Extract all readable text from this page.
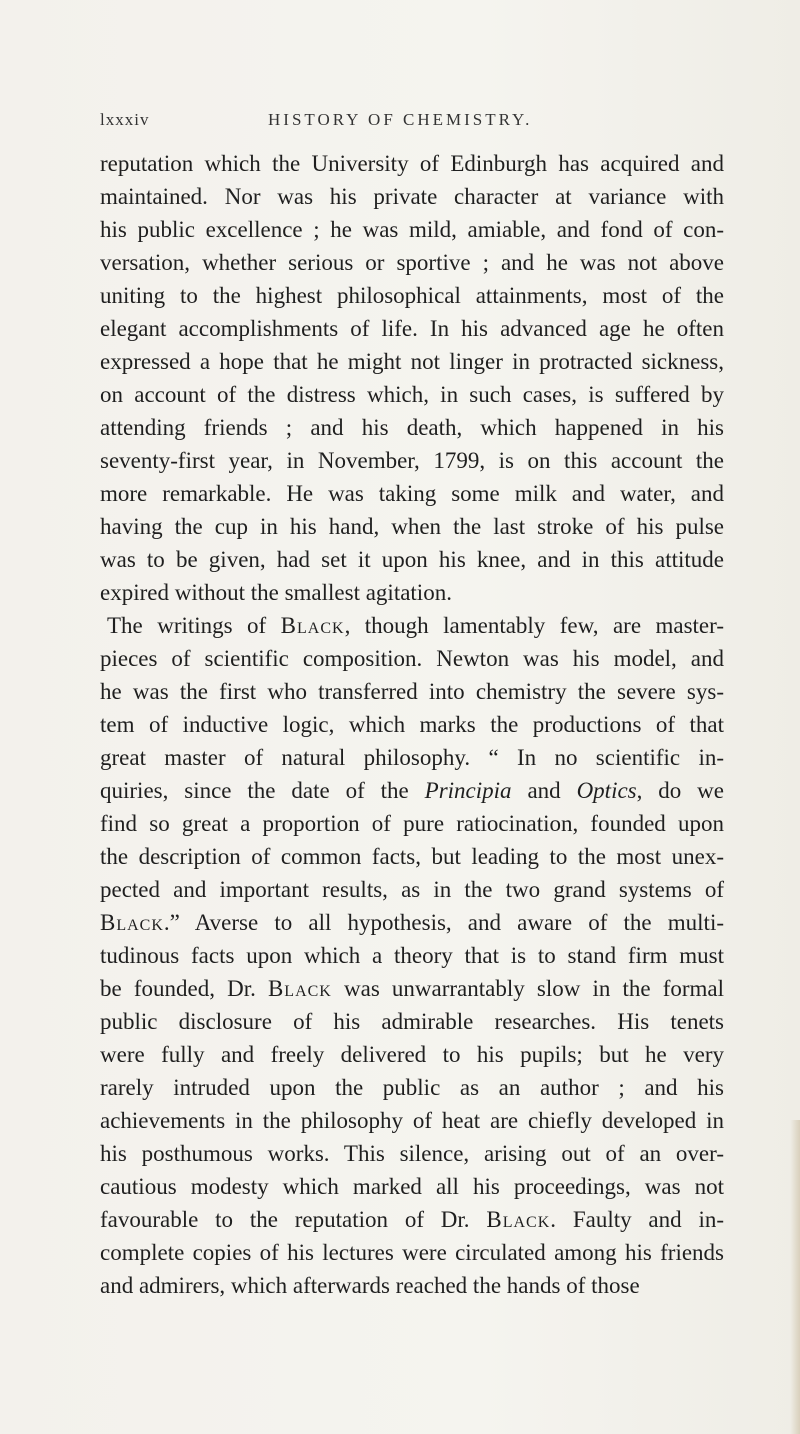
lxxxiv	HISTORY OF CHEMISTRY.
reputation which the University of Edinburgh has acquired and
maintained. Nor was his private character at variance with
his public excellence ; he was mild, amiable, and fond of con-
versation, whether serious or sportive ; and he was not above
uniting to the highest philosophical attainments, most of the
elegant accomplishments of life. In his advanced age he often
expressed a hope that he might not linger in protracted sickness,
on account of the distress which, in such cases, is suffered by
attending friends ; and his death, which happened in his
seventy-first year, in November, 1799, is on this account the
more remarkable. He was taking some milk and water, and
having the cup in his hand, when the last stroke of his pulse
was to be given, had set it upon his knee, and in this attitude
expired without the smallest agitation.
The writings of Black, though lamentably few, are master-
pieces of scientific composition. Newton was his model, and
he was the first who transferred into chemistry the severe sys-
tem of inductive logic, which marks the productions of that
great master of natural philosophy. “ In no scientific in-
quiries, since the date of the Principia and Optics, do we
find so great a proportion of pure ratiocination, founded upon
the description of common facts, but leading to the most unex-
pected and important results, as in the two grand systems of
Black.” Averse to all hypothesis, and aware of the multi-
tudinous facts upon which a theory that is to stand firm must
be founded, Dr. Black was unwarrantably slow in the formal
public disclosure of his admirable researches. His tenets
were fully and freely delivered to his pupils; but he very
rarely intruded upon the public as an author ; and his
achievements in the philosophy of heat are chiefly developed in
his posthumous works. This silence, arising out of an over-
cautious modesty which marked all his proceedings, was not
favourable to the reputation of Dr. Black. Faulty and in-
complete copies of his lectures were circulated among his friends
and admirers, which afterwards reached the hands of those
